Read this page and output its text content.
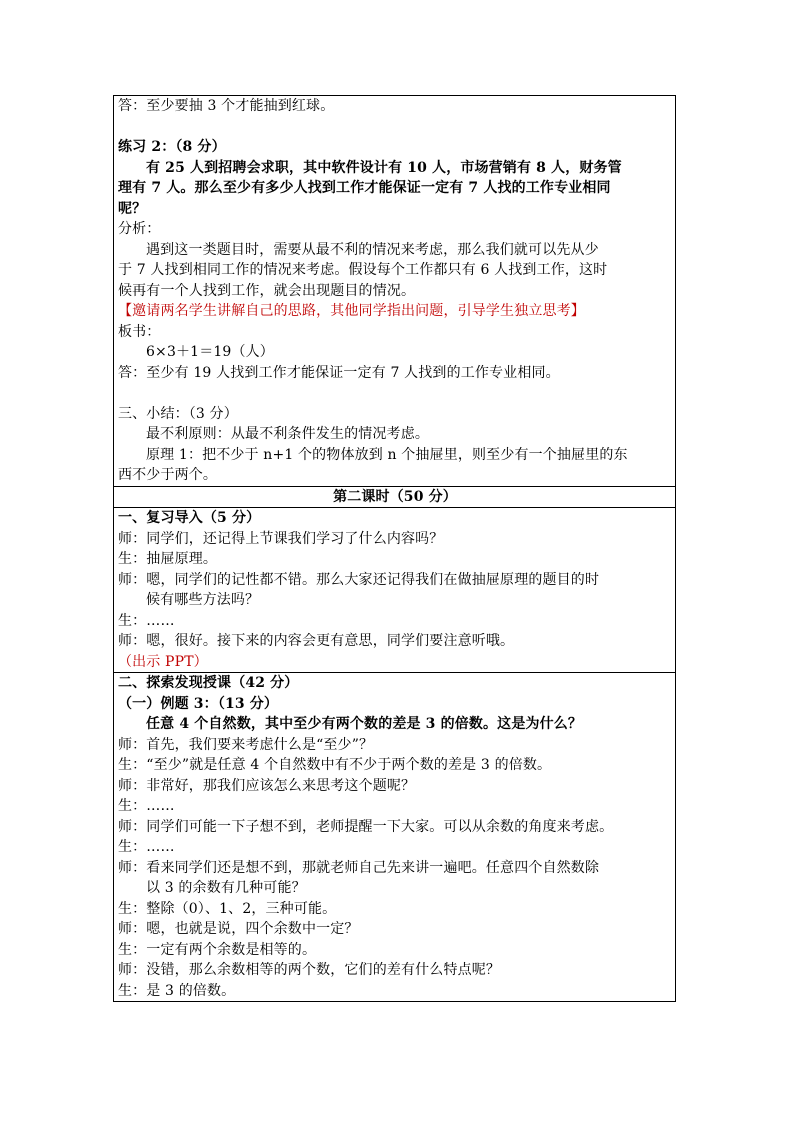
答：至少要抽 3 个才能抽到红球。
练习 2：（8 分）
有 25 人到招聘会求职，其中软件设计有 10 人，市场营销有 8 人，财务管
理有 7 人。那么至少有多少人找到工作才能保证一定有 7 人找的工作专业相同
呢？
分析：
遇到这一类题目时，需要从最不利的情况来考虑，那么我们就可以先从少
于 7 人找到相同工作的情况来考虑。假设每个工作都只有 6 人找到工作，这时
候再有一个人找到工作，就会出现题目的情况。
【邀请两名学生讲解自己的思路，其他同学指出问题，引导学生独立思考】
板书：
6×3＋1＝19（人）
答：至少有 19 人找到工作才能保证一定有 7 人找到的工作专业相同。
三、小结：（3 分）
最不利原则：从最不利条件发生的情况考虑。
原理 1：把不少于 n+1 个的物体放到 n 个抽屉里，则至少有一个抽屉里的东
西不少于两个。
第二课时（50 分）
一、复习导入（5 分）
师：同学们，还记得上节课我们学习了什么内容吗？
生：抽屉原理。
师：嗯，同学们的记性都不错。那么大家还记得我们在做抽屉原理的题目的时
候有哪些方法吗？
生：……
师：嗯，很好。接下来的内容会更有意思，同学们要注意听哦。
（出示 PPT）
二、探索发现授课（42 分）
（一）例题 3：（13 分）
任意 4 个自然数，其中至少有两个数的差是 3 的倍数。这是为什么？
师：首先，我们要来考虑什么是“至少”？
生：“至少”就是任意 4 个自然数中有不少于两个数的差是 3 的倍数。
师：非常好，那我们应该怎么来思考这个题呢？
生：……
师：同学们可能一下子想不到，老师提醒一下大家。可以从余数的角度来考虑。
生：……
师：看来同学们还是想不到，那就老师自己先来讲一遍吧。任意四个自然数除
以 3 的余数有几种可能？
生：整除（0）、1、2，三种可能。
师：嗯，也就是说，四个余数中一定？
生：一定有两个余数是相等的。
师：没错，那么余数相等的两个数，它们的差有什么特点呢？
生：是 3 的倍数。
